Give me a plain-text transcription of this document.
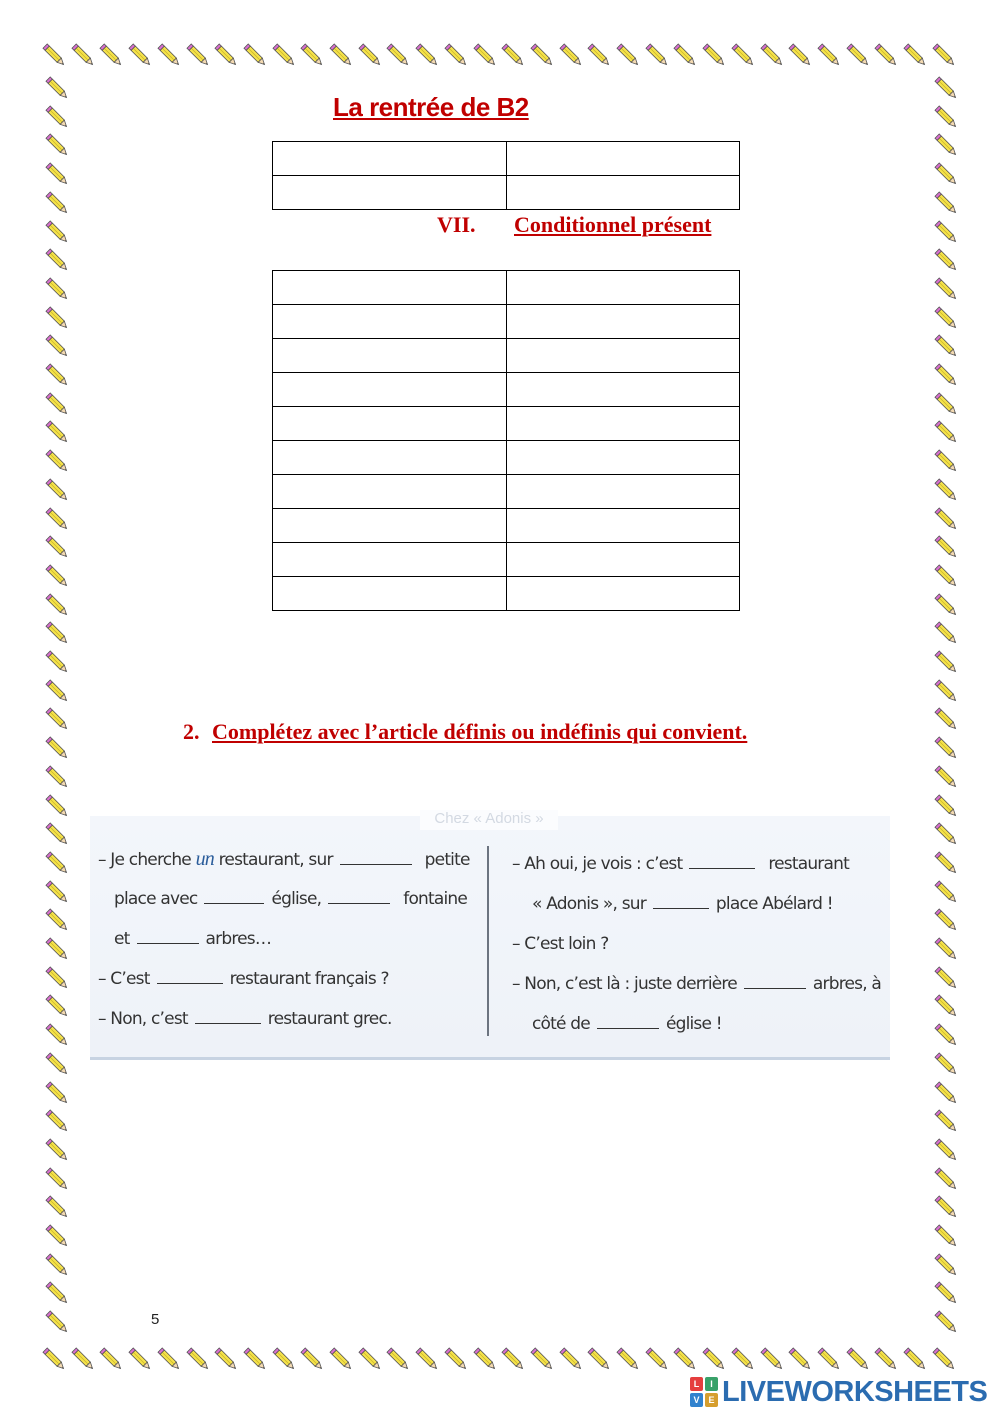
La rentrée de B2

VII. Conditionnel présent

2. Complétez avec l’article définis ou indéfinis qui convient.
Chez « Adonis »
– Je cherche un restaurant, sur	petite
place avec	église,	fontaine
et	arbres…
– C’est	restaurant français ?
– Non, c’est	restaurant grec.
– Ah oui, je vois : c’est	restaurant
« Adonis », sur	place Abélard !
– C’est loin ?
– Non, c’est là : juste derrière	arbres, à
côté de	église !
5
L	I
V E LIVEWORKSHEETS
